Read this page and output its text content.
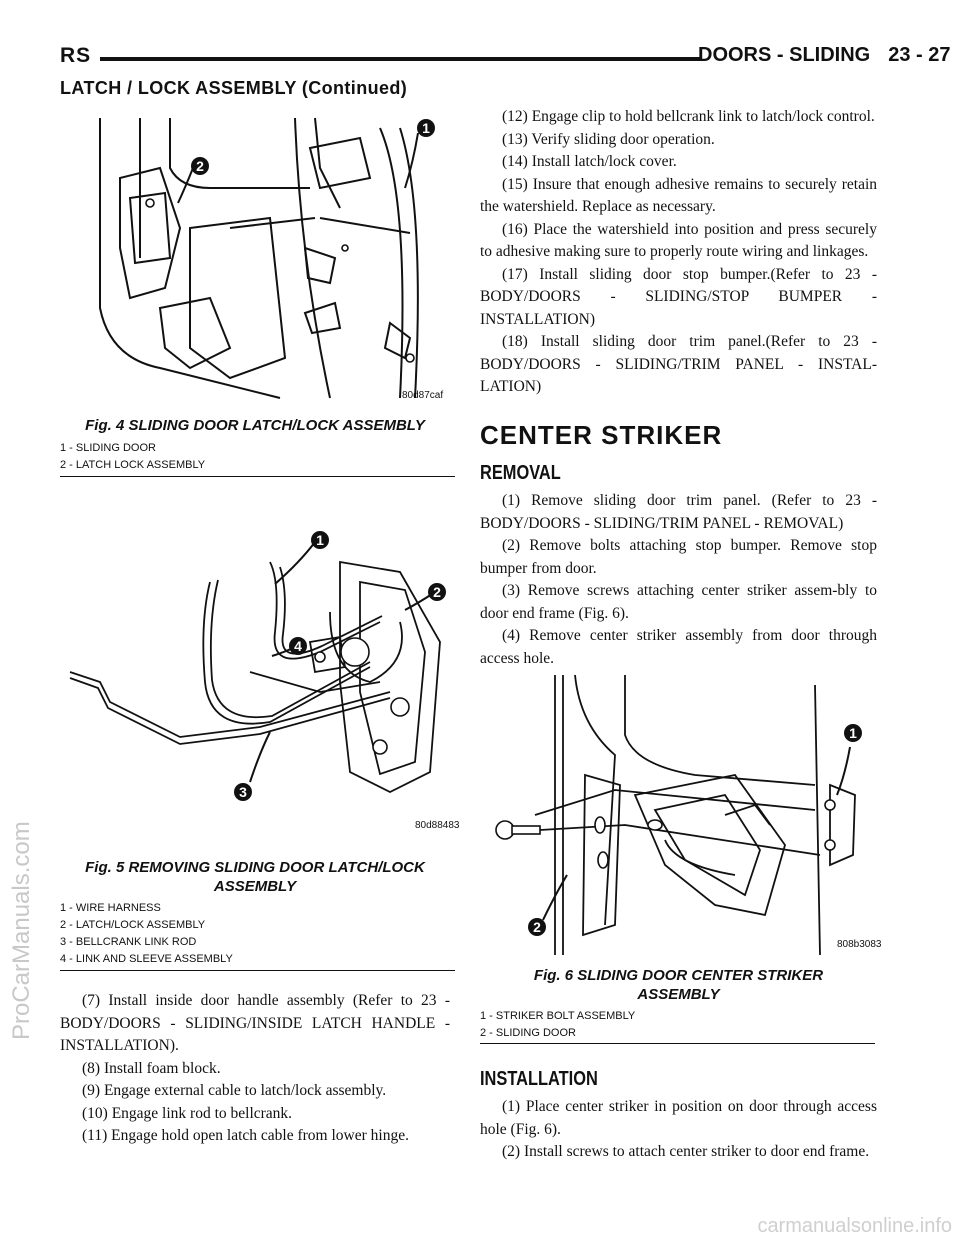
RS	DOORS - SLIDING 23 - 27
LATCH / LOCK ASSEMBLY (Continued)
ProCarManuals.com
1
2
80d87caf
Fig. 4 SLIDING DOOR LATCH/LOCK ASSEMBLY
1 - SLIDING DOOR
2 - LATCH LOCK ASSEMBLY
1
2
3
4
80d88483
Fig. 5 REMOVING SLIDING DOOR LATCH/LOCK
ASSEMBLY
1 - WIRE HARNESS
2 - LATCH/LOCK ASSEMBLY
3 - BELLCRANK LINK ROD
4 - LINK AND SLEEVE ASSEMBLY

(7) Install inside door handle assembly (Refer to 23 - BODY/DOORS - SLIDING/INSIDE LATCH HANDLE - INSTALLATION).

(8) Install foam block.

(9) Engage external cable to latch/lock assembly.

(10) Engage link rod to bellcrank.

(11) Engage hold open latch cable from lower hinge.

(12) Engage clip to hold bellcrank link to latch/lock control.

(13) Verify sliding door operation.

(14) Install latch/lock cover.

(15) Insure that enough adhesive remains to securely retain the watershield. Replace as necessary.

(16) Place the watershield into position and press securely to adhesive making sure to properly route wiring and linkages.

(17) Install sliding door stop bumper.(Refer to 23 - BODY/DOORS - SLIDING/STOP BUMPER - INSTALLATION)

(18) Install sliding door trim panel.(Refer to 23 - BODY/DOORS - SLIDING/TRIM PANEL - INSTAL-LATION)

CENTER STRIKER
REMOVAL

(1) Remove sliding door trim panel. (Refer to 23 - BODY/DOORS - SLIDING/TRIM PANEL - REMOVAL)

(2) Remove bolts attaching stop bumper. Remove stop bumper from door.

(3) Remove screws attaching center striker assem-bly to door end frame (Fig. 6).

(4) Remove center striker assembly from door through access hole.

1
2
808b3083
Fig. 6 SLIDING DOOR CENTER STRIKER
ASSEMBLY
1 - STRIKER BOLT ASSEMBLY
2 - SLIDING DOOR
INSTALLATION

(1) Place center striker in position on door through access hole (Fig. 6).

(2) Install screws to attach center striker to door end frame.

carmanualsonline.info
